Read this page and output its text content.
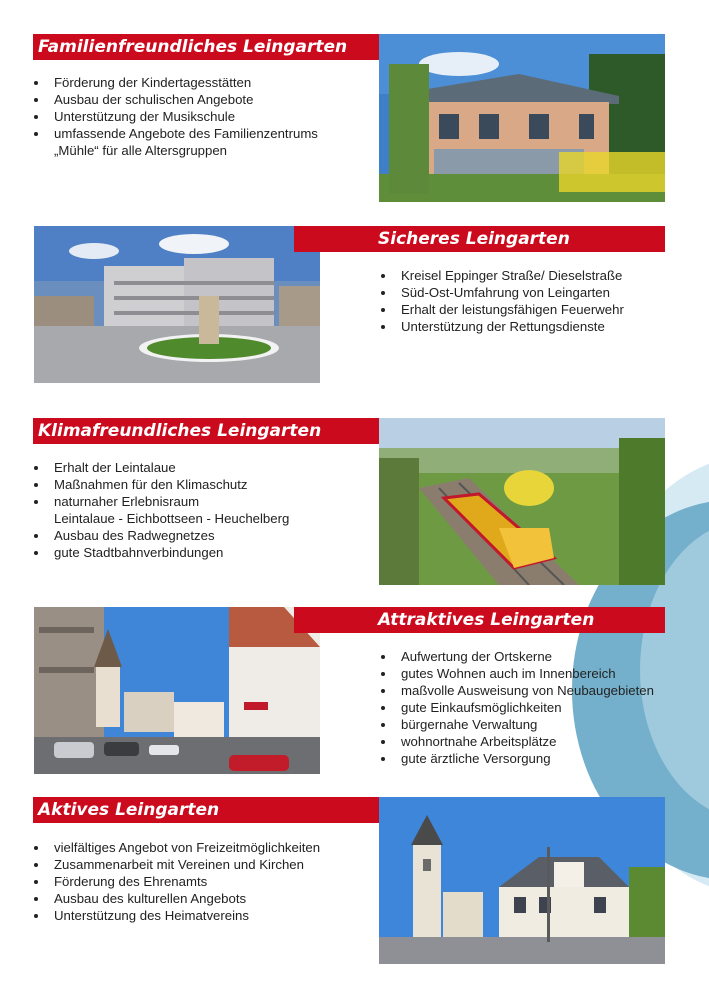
Familienfreundliches Leingarten
Förderung der Kindertagesstätten
Ausbau der schulischen Angebote
Unterstützung der Musikschule
umfassende Angebote des Familienzentrums
„Mühle“ für alle Altersgruppen
Sicheres Leingarten
Kreisel Eppinger Straße/ Dieselstraße
Süd-Ost-Umfahrung von Leingarten
Erhalt der leistungsfähigen Feuerwehr
Unterstützung der Rettungsdienste
Klimafreundliches Leingarten
Erhalt der Leintalaue
Maßnahmen für den Klimaschutz
naturnaher Erlebnisraum
Leintalaue - Eichbottseen - Heuchelberg
Ausbau des Radwegnetzes
gute Stadtbahnverbindungen
Attraktives Leingarten
Aufwertung der Ortskerne
gutes Wohnen auch im Innenbereich
maßvolle Ausweisung von Neubaugebieten
gute Einkaufsmöglichkeiten
bürgernahe Verwaltung
wohnortnahe Arbeitsplätze
gute ärztliche Versorgung
Aktives Leingarten
vielfältiges Angebot von Freizeitmöglichkeiten
Zusammenarbeit mit Vereinen und Kirchen
Förderung des Ehrenamts
Ausbau des kulturellen Angebots
Unterstützung des Heimatvereins
